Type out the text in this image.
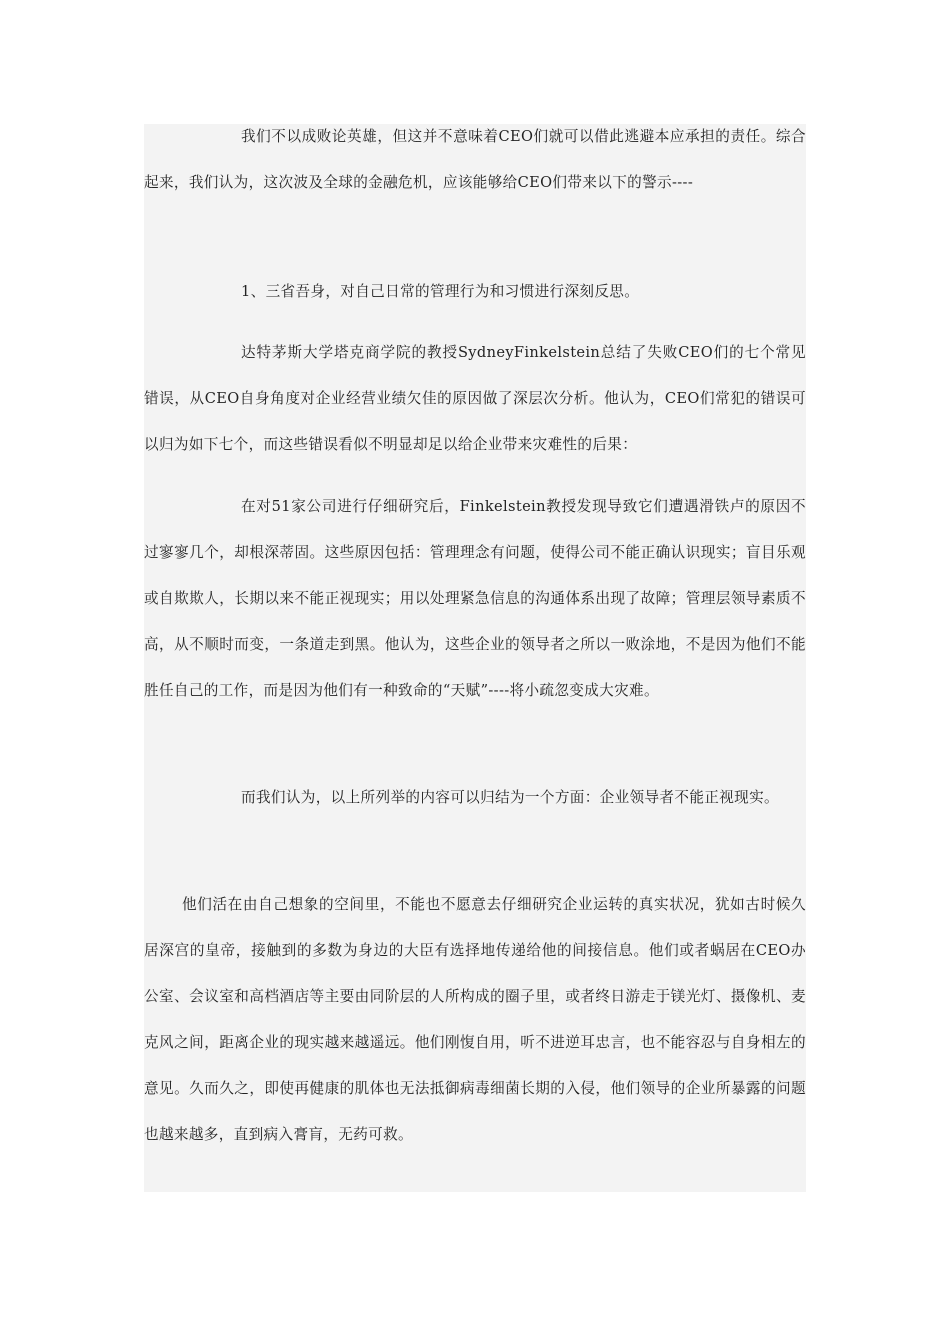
我们不以成败论英雄，但这并不意味着CEO们就可以借此逃避本应承担的责任。综合起来，我们认为，这次波及全球的金融危机，应该能够给CEO们带来以下的警示----

1、三省吾身，对自己日常的管理行为和习惯进行深刻反思。

达特茅斯大学塔克商学院的教授SydneyFinkelstein总结了失败CEO们的七个常见错误，从CEO自身角度对企业经营业绩欠佳的原因做了深层次分析。他认为，CEO们常犯的错误可以归为如下七个，而这些错误看似不明显却足以给企业带来灾难性的后果：

在对51家公司进行仔细研究后，Finkelstein教授发现导致它们遭遇滑铁卢的原因不过寥寥几个，却根深蒂固。这些原因包括：管理理念有问题，使得公司不能正确认识现实；盲目乐观或自欺欺人，长期以来不能正视现实；用以处理紧急信息的沟通体系出现了故障；管理层领导素质不高，从不顺时而变，一条道走到黑。他认为，这些企业的领导者之所以一败涂地，不是因为他们不能胜任自己的工作，而是因为他们有一种致命的“天赋”----将小疏忽变成大灾难。

而我们认为，以上所列举的内容可以归结为一个方面：企业领导者不能正视现实。

他们活在由自己想象的空间里，不能也不愿意去仔细研究企业运转的真实状况，犹如古时候久居深宫的皇帝，接触到的多数为身边的大臣有选择地传递给他的间接信息。他们或者蜗居在CEO办公室、会议室和高档酒店等主要由同阶层的人所构成的圈子里，或者终日游走于镁光灯、摄像机、麦克风之间，距离企业的现实越来越遥远。他们刚愎自用，听不进逆耳忠言，也不能容忍与自身相左的意见。久而久之，即使再健康的肌体也无法抵御病毒细菌长期的入侵，他们领导的企业所暴露的问题也越来越多，直到病入膏肓，无药可救。
